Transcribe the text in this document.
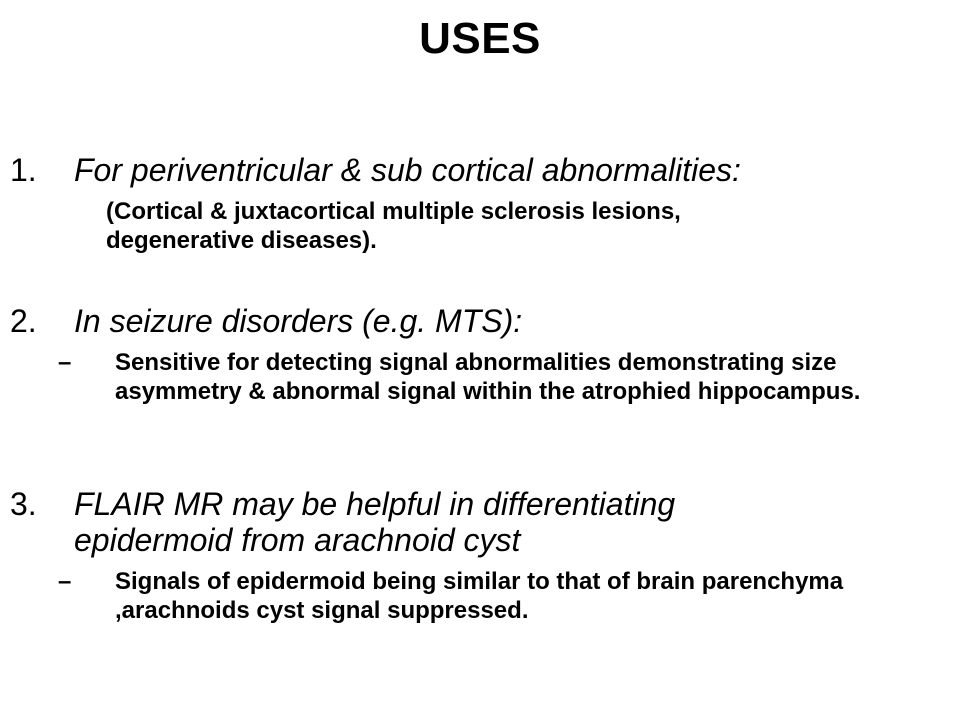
USES
1. For periventricular & sub cortical abnormalities:
(Cortical & juxtacortical multiple sclerosis lesions, degenerative diseases).
2. In seizure disorders (e.g. MTS):
– Sensitive for detecting signal abnormalities demonstrating size asymmetry & abnormal signal within the atrophied hippocampus.
3. FLAIR MR may be helpful in differentiating
epidermoid from arachnoid cyst
– Signals of epidermoid being similar to that of brain parenchyma ,arachnoids cyst signal suppressed.
